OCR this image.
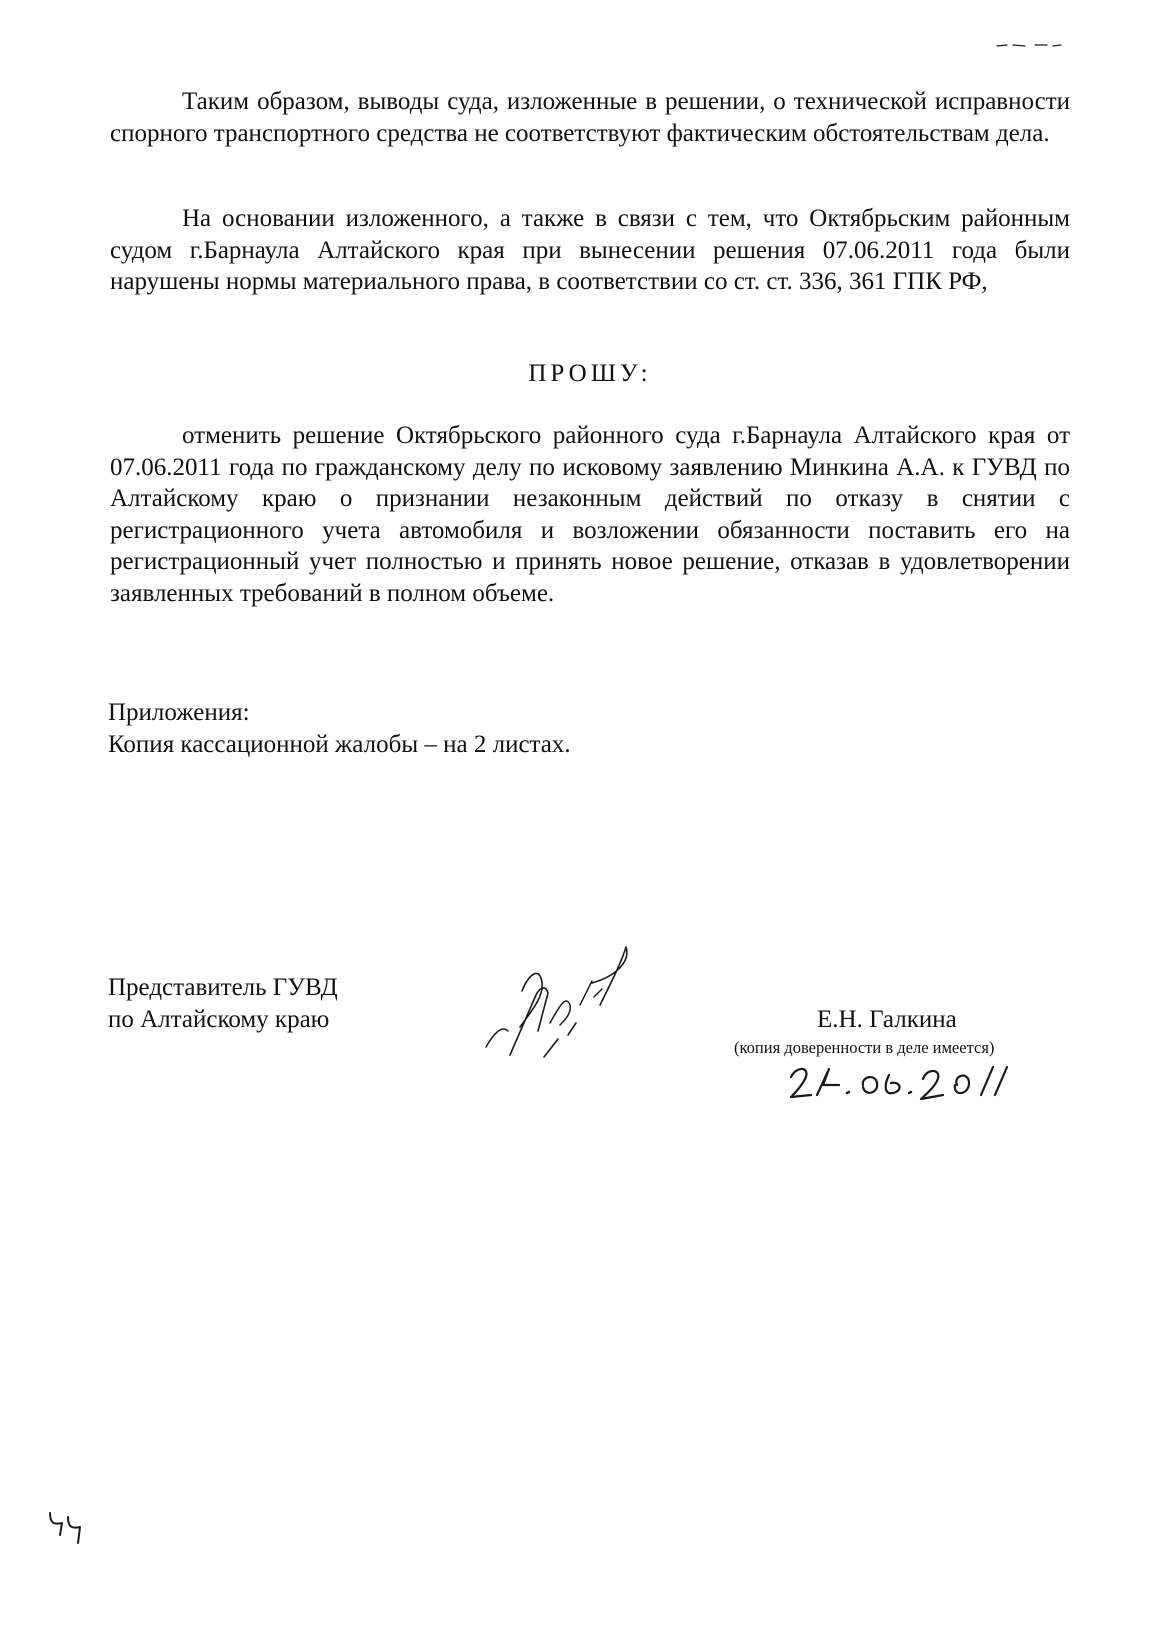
Таким образом, выводы суда, изложенные в решении, о технической исправности спорного транспортного средства не соответствуют фактическим обстоятельствам дела.

На основании изложенного, а также в связи с тем, что Октябрьским районным судом г.Барнаула Алтайского края при вынесении решения 07.06.2011 года были нарушены нормы материального права, в соответствии со ст. ст. 336, 361 ГПК РФ,

ПРОШУ:

отменить решение Октябрьского районного суда г.Барнаула Алтайского края от 07.06.2011 года по гражданскому делу по исковому заявлению Минкина А.А. к ГУВД по Алтайскому краю о признании незаконным действий по отказу в снятии с регистрационного учета автомобиля и возложении обязанности поставить его на регистрационный учет полностью и принять новое решение, отказав в удовлетворении заявленных требований в полном объеме.

Приложения:

Копия кассационной жалобы – на 2 листах.

Представитель ГУВД

по Алтайскому краю	Е.Н. Галкина

(копия доверенности в деле имеется)
